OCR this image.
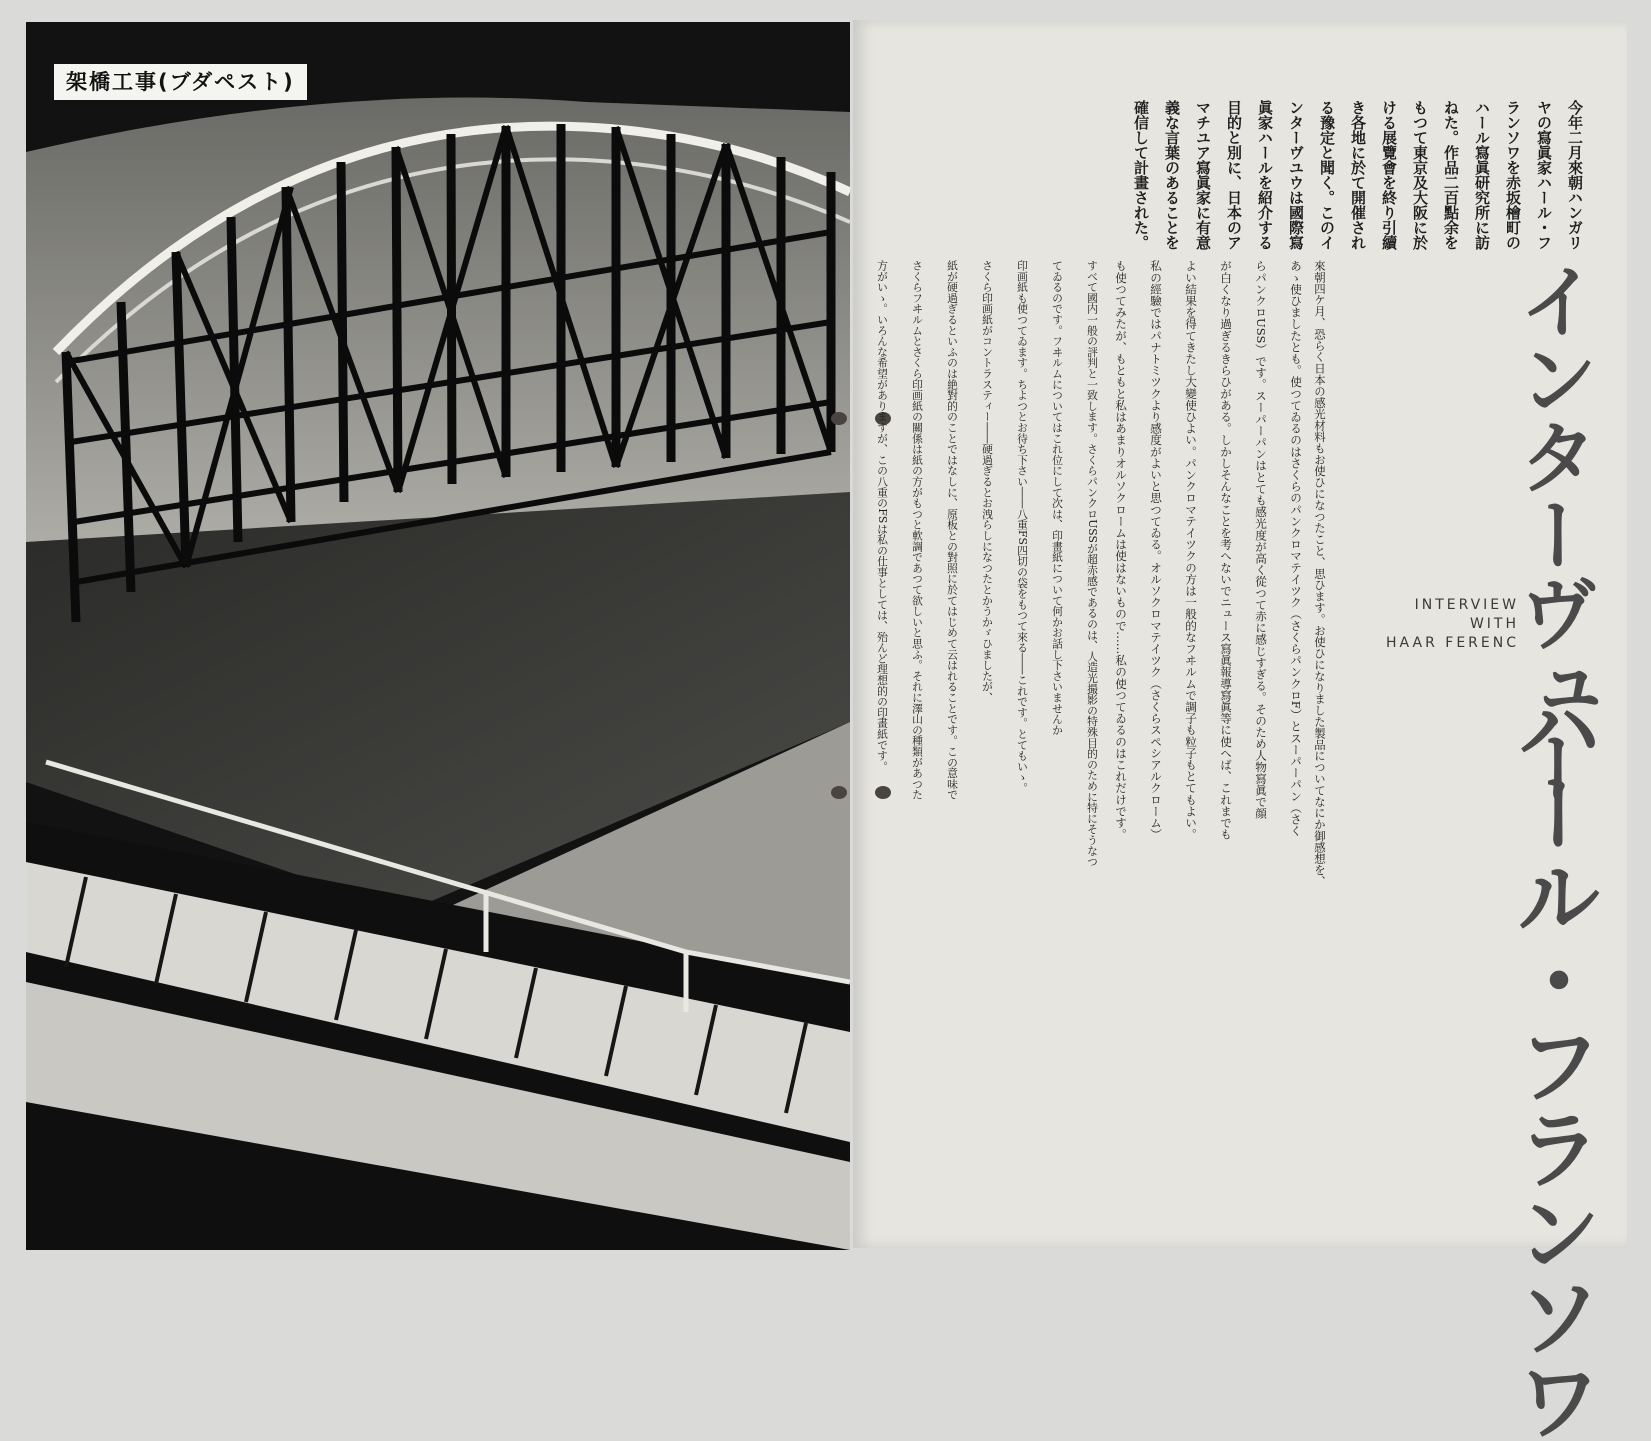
架橋工事(ブダペスト)
今年二月來朝ハンガリ
ヤの寫眞家ハール・フ
ランソワを赤坂檜町の
ハール寫眞研究所に訪
ねた。作品二百點余を
もつて東京及大阪に於
ける展覽會を終り引續
き各地に於て開催され
る豫定と聞く。このイ
ンターヴユウは國際寫
眞家ハールを紹介する
目的と別に、日本のア
マチユア寫眞家に有意
義な言葉のあることを
確信して計畫された。
インターヴュー
ハール・フランソワ
INTERVIEW
WITH
HAAR FERENC
來朝四ケ月、恐らく日本の感光材料もお使ひになつたこと、思ひます。お使ひになりました製品についてなにか御感想を、
あゝ使ひましたとも。使つてゐるのはさくらのパンクロマテイツク（さくらパンクロF）とスーパーパン（さく
らパンクロUSS）です。スーパーパンはとても感光度が高く從つて赤に感じすぎる。そのため人物寫眞で顔
が白くなり過ぎるきらひがある。しかしそんなことを考へないでニュース寫眞報導寫眞等に使へば、これまでも
よい結果を得てきたし大變使ひよい。パンクロマテイツクの方は一般的なフヰルムで調子も粒子もとてもよい。
私の經驗ではパナトミツクより感度がよいと思つてゐる。オルソクロマテイツク（さくらスペシアルクローム）
も使つてみたが、もともと私はあまりオルソクロームは使はないもので……私の使つてゐるのはこれだけです。
すべて國内一般の評判と一致します。さくらパンクロUSSが超赤感であるのは、人造光撮影の特殊目的のために特にそうなつ
てゐるのです。フヰルムについてはこれ位にして次は、印畫紙について何かお話し下さいませんか
印画紙も使つてゐます。ちよつとお待ち下さい――八重FS四切の袋をもつて來る――これです。とてもいゝ。
さくら印画紙がコントラスティー――硬過ぎるとお洩らしになつたとかうかゞひましたが、
紙が硬過ぎるといふのは絶對的のことではなしに、原板との對照に於てはじめて云はれることです。この意味で
さくらフヰルムとさくら印画紙の關係は紙の方がもつと軟調であつて欲しいと思ふ。それに澤山の種類があつた
方がいゝ。いろんな希望がありますが、この八重のFSは私の仕事としては、殆んど理想的の印畫紙です。
